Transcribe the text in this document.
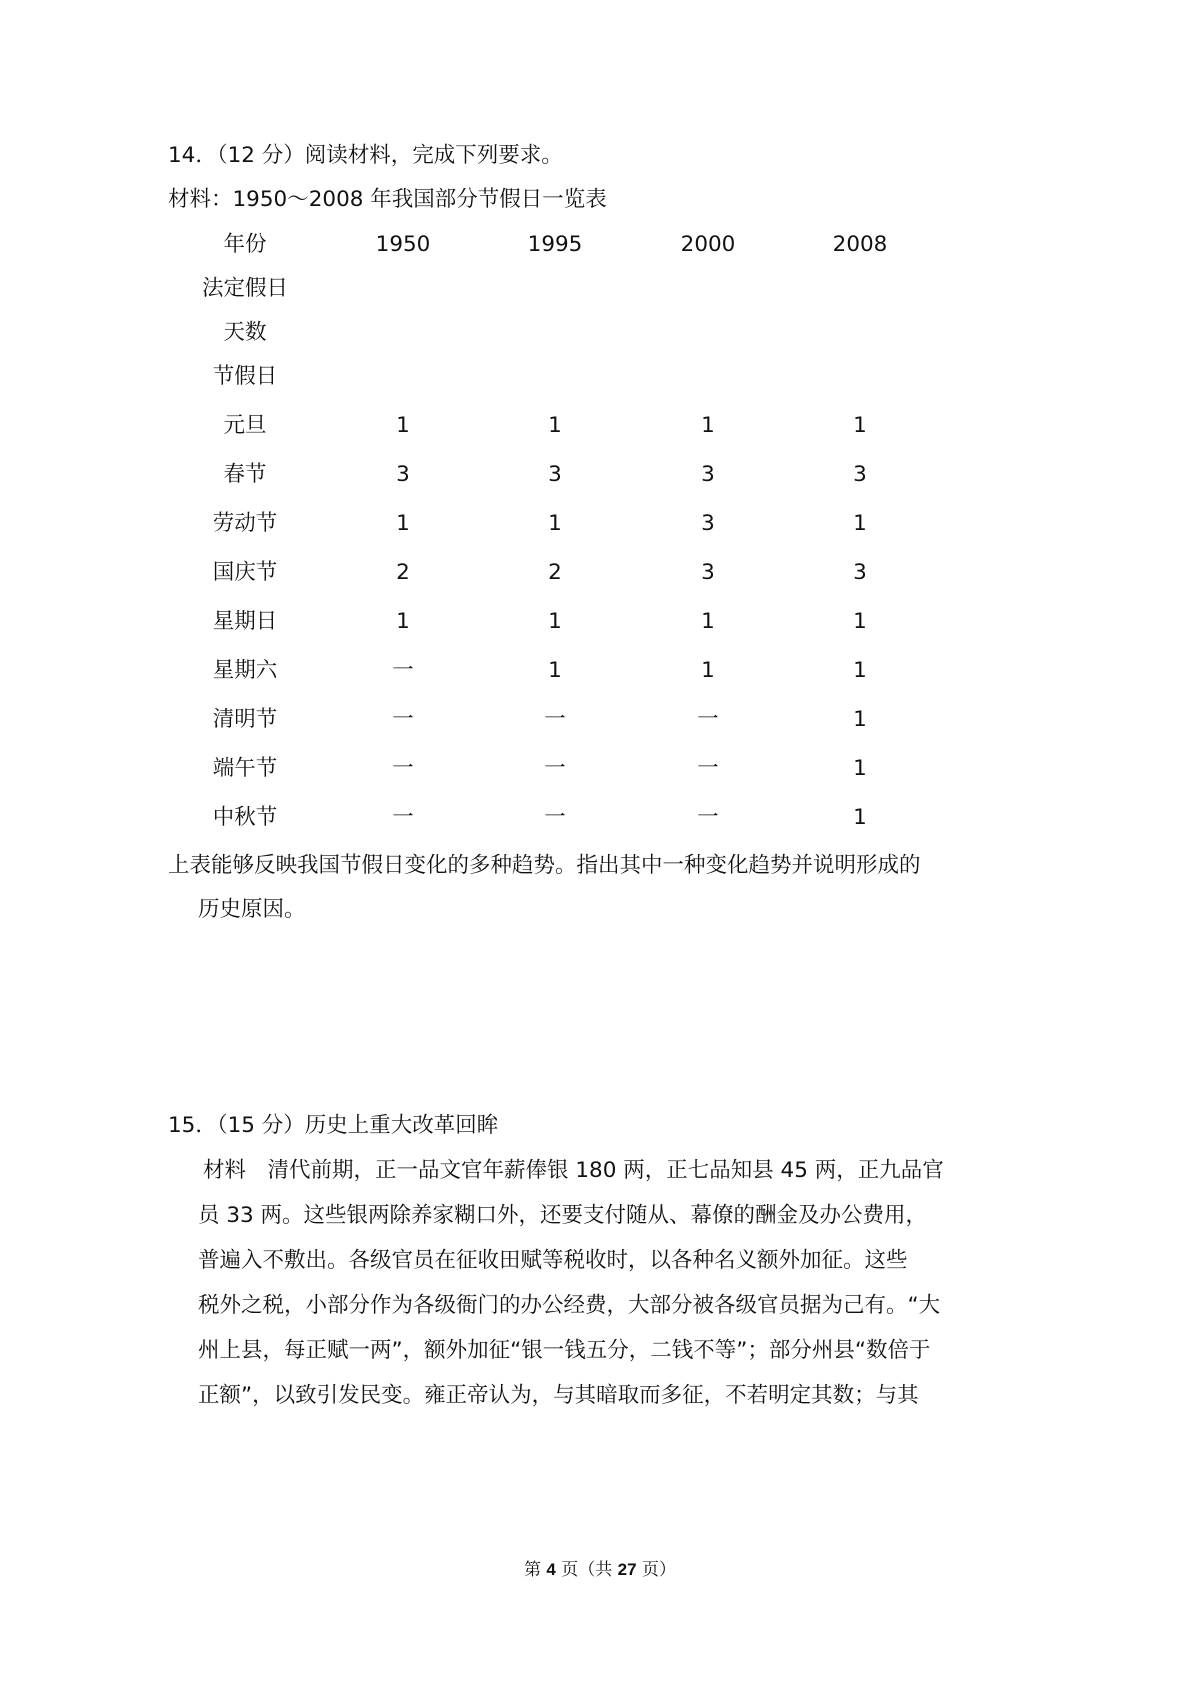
14．（12 分）阅读材料，完成下列要求。
材料：1950～2008 年我国部分节假日一览表
年份	1950	1995	2000	2008
法定假日
天数
节假日
元旦	1	1	1	1
春节	3	3	3	3
劳动节	1	1	3	1
国庆节	2	2	3	3
星期日	1	1	1	1
星期六	一	1	1	1
清明节	一	一	一	1
端午节	一	一	一	1
中秋节	一	一	一	1
上表能够反映我国节假日变化的多种趋势。指出其中一种变化趋势并说明形成的
历史原因。
15．（15 分）历史上重大改革回眸
材料　清代前期，正一品文官年薪俸银 180 两，正七品知县 45 两，正九品官
员 33 两。这些银两除养家糊口外，还要支付随从、幕僚的酬金及办公费用，
普遍入不敷出。各级官员在征收田赋等税收时，以各种名义额外加征。这些
税外之税，小部分作为各级衙门的办公经费，大部分被各级官员据为己有。“大
州上县，每正赋一两”，额外加征“银一钱五分，二钱不等”；部分州县“数倍于
正额”，以致引发民变。雍正帝认为，与其暗取而多征，不若明定其数；与其
第 4 页（共 27 页）
